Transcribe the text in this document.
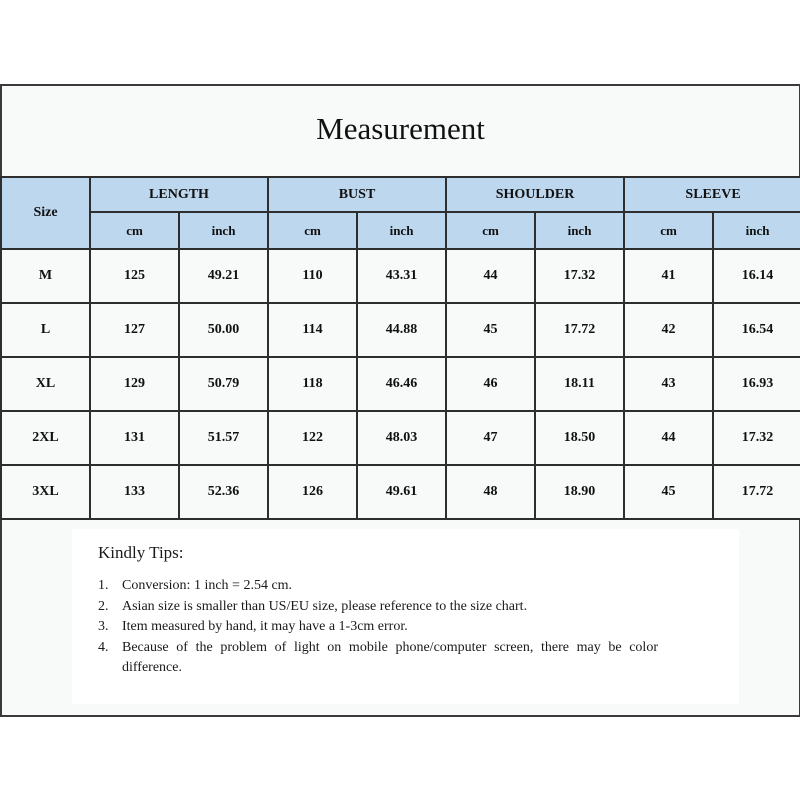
Measurement
Size	LENGTH		BUST		SHOULDER		SLEEVE	
	cm	inch	cm	inch	cm	inch	cm	inch
M	125	49.21	110	43.31	44	17.32	41	16.14
L	127	50.00	114	44.88	45	17.72	42	16.54
XL	129	50.79	118	46.46	46	18.11	43	16.93
2XL	131	51.57	122	48.03	47	18.50	44	17.32
3XL	133	52.36	126	49.61	48	18.90	45	17.72
Kindly Tips:
1. Conversion: 1 inch = 2.54 cm.
2. Asian size is smaller than US/EU size, please reference to the size chart.
3. Item measured by hand, it may have a 1-3cm error.
4. Because of the problem of light on mobile phone/computer screen, there may be color difference.
